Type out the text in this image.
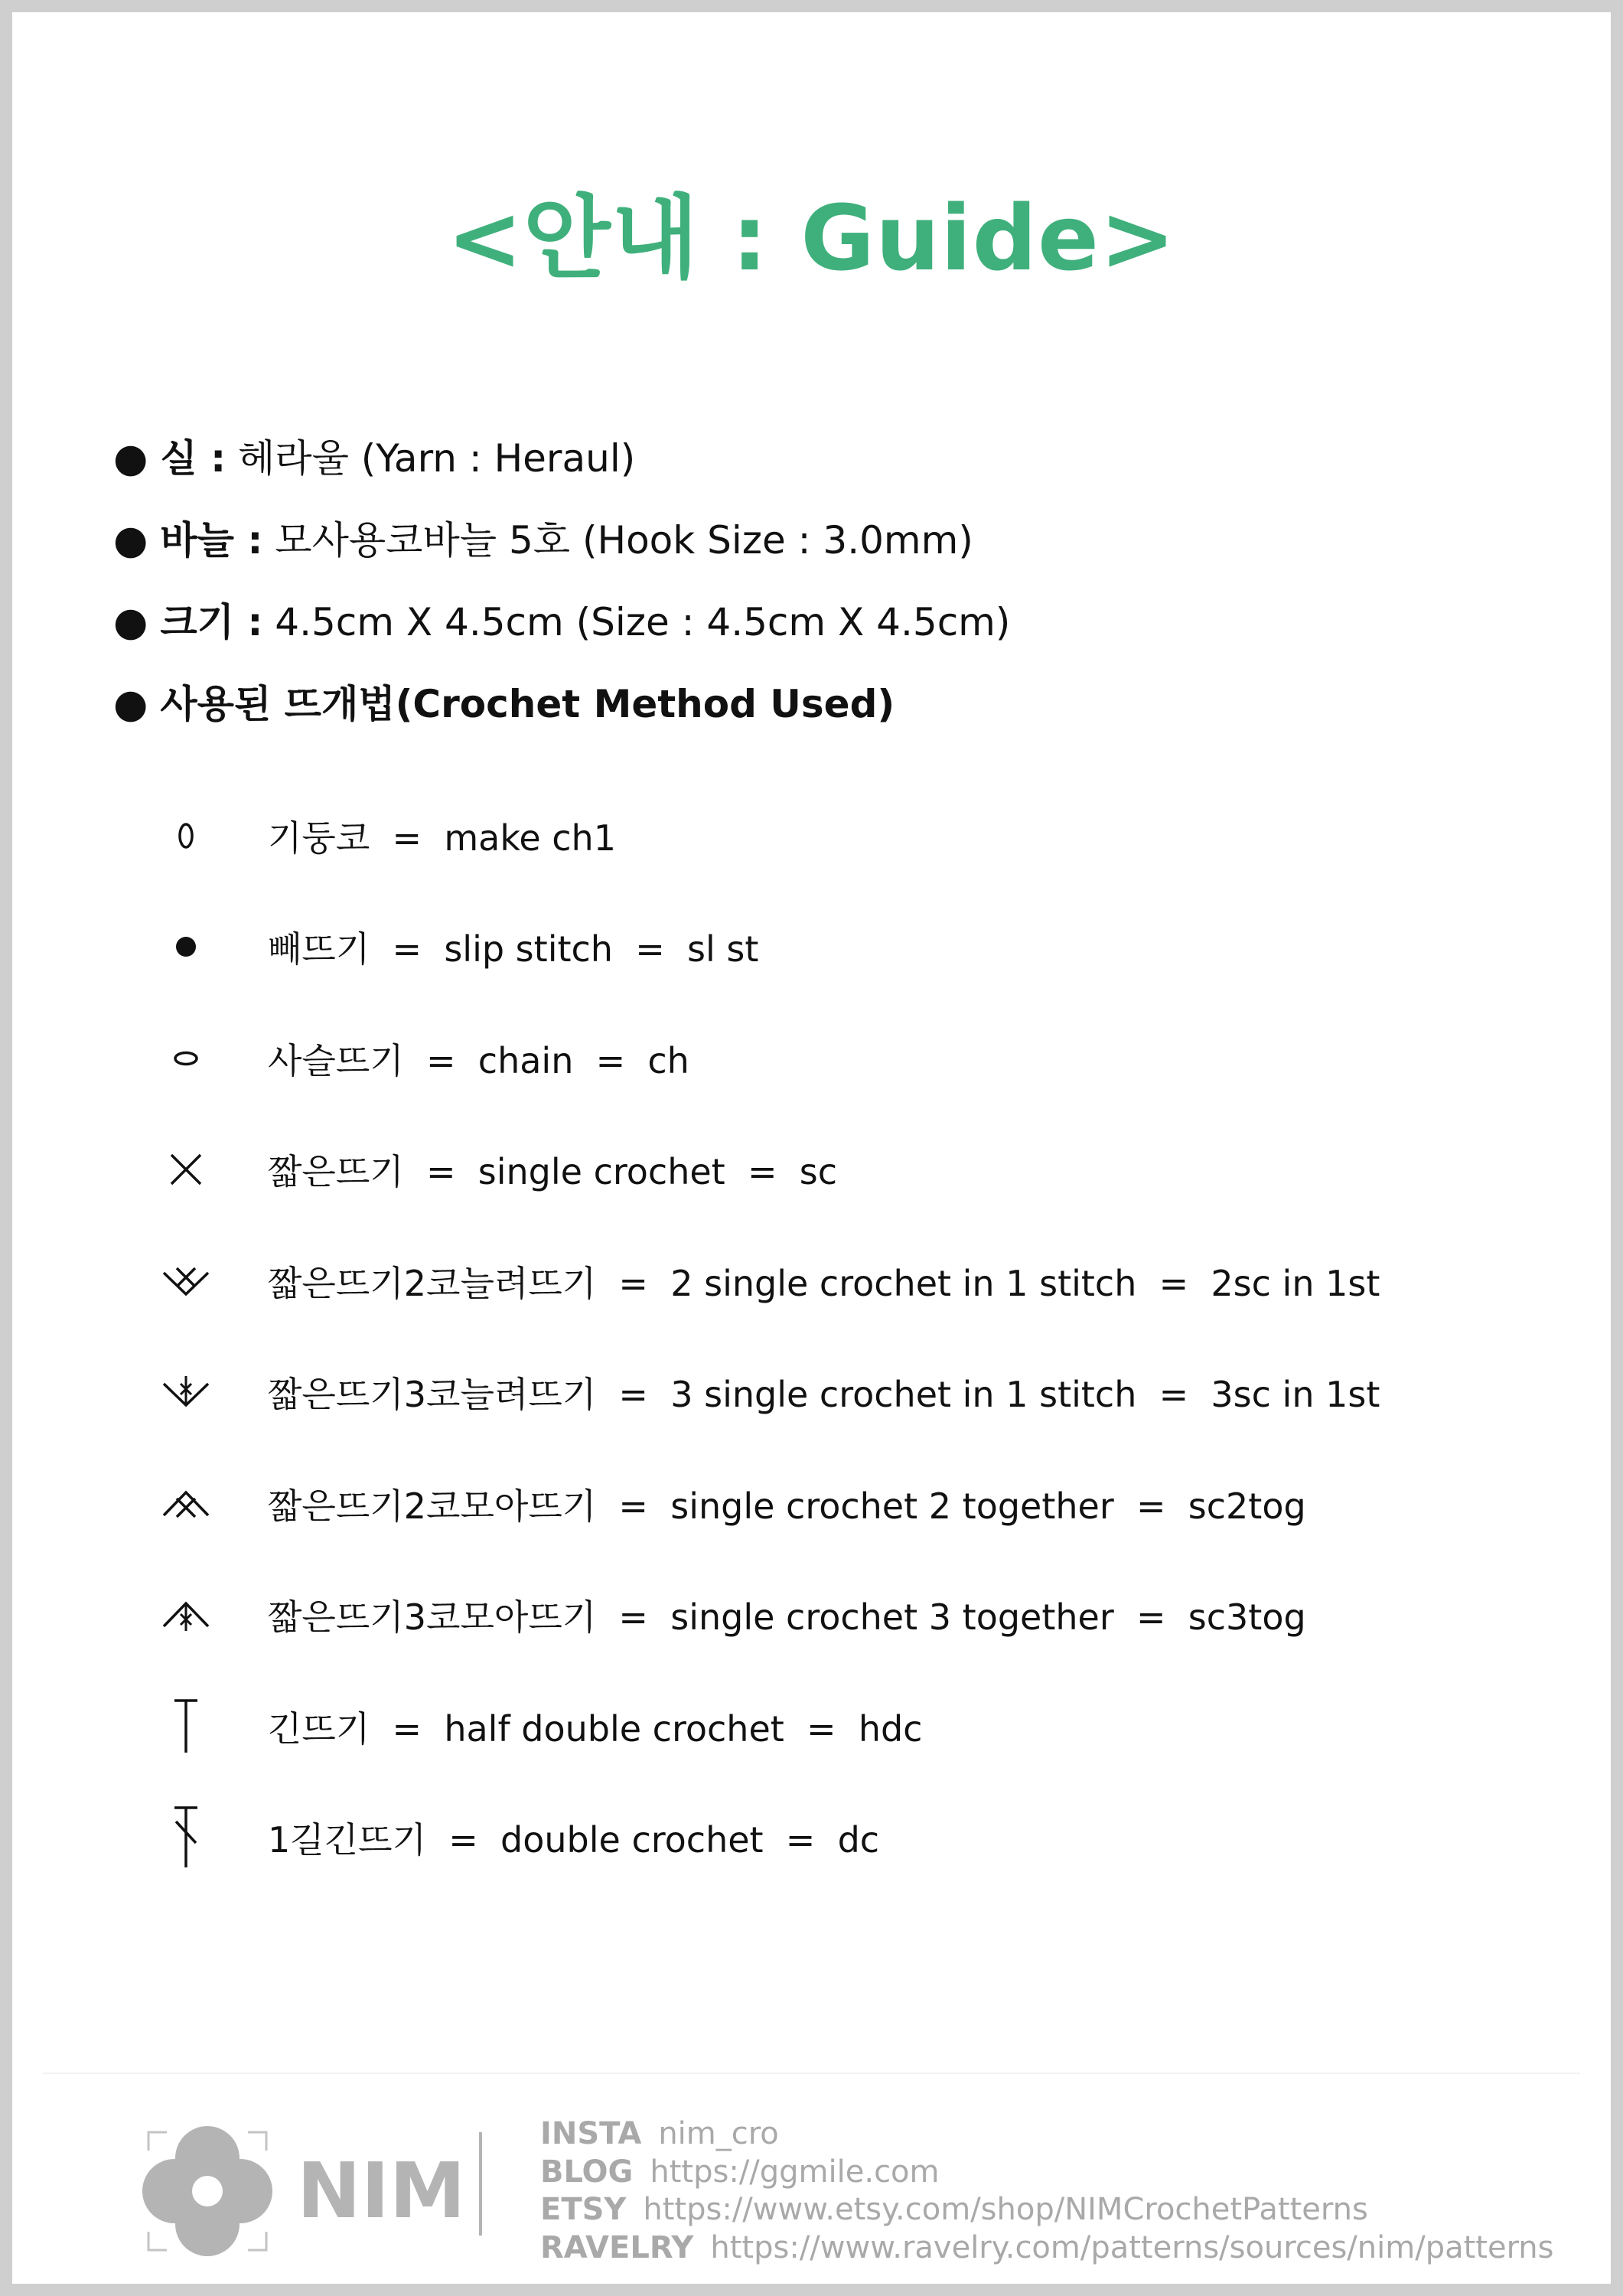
<안내 : Guide>
● 실 : 헤라울 (Yarn : Heraul)
● 바늘 : 모사용코바늘 5호 (Hook Size : 3.0mm)
● 크기 : 4.5cm X 4.5cm (Size : 4.5cm X 4.5cm)
● 사용된 뜨개법(Crochet Method Used)
기둥코  =  make ch1
빼뜨기  =  slip stitch  =  sl st
사슬뜨기  =  chain  =  ch
짧은뜨기  =  single crochet  =  sc
짧은뜨기2코늘려뜨기  =  2 single crochet in 1 stitch  =  2sc in 1st
짧은뜨기3코늘려뜨기  =  3 single crochet in 1 stitch  =  3sc in 1st
짧은뜨기2코모아뜨기  =  single crochet 2 together  =  sc2tog
짧은뜨기3코모아뜨기  =  single crochet 3 together  =  sc3tog
긴뜨기  =  half double crochet  =  hdc
1길긴뜨기  =  double crochet  =  dc
NIM
INSTA nim_cro
BLOG https://ggmile.com
ETSY https://www.etsy.com/shop/NIMCrochetPatterns
RAVELRY https://www.ravelry.com/patterns/sources/nim/patterns
